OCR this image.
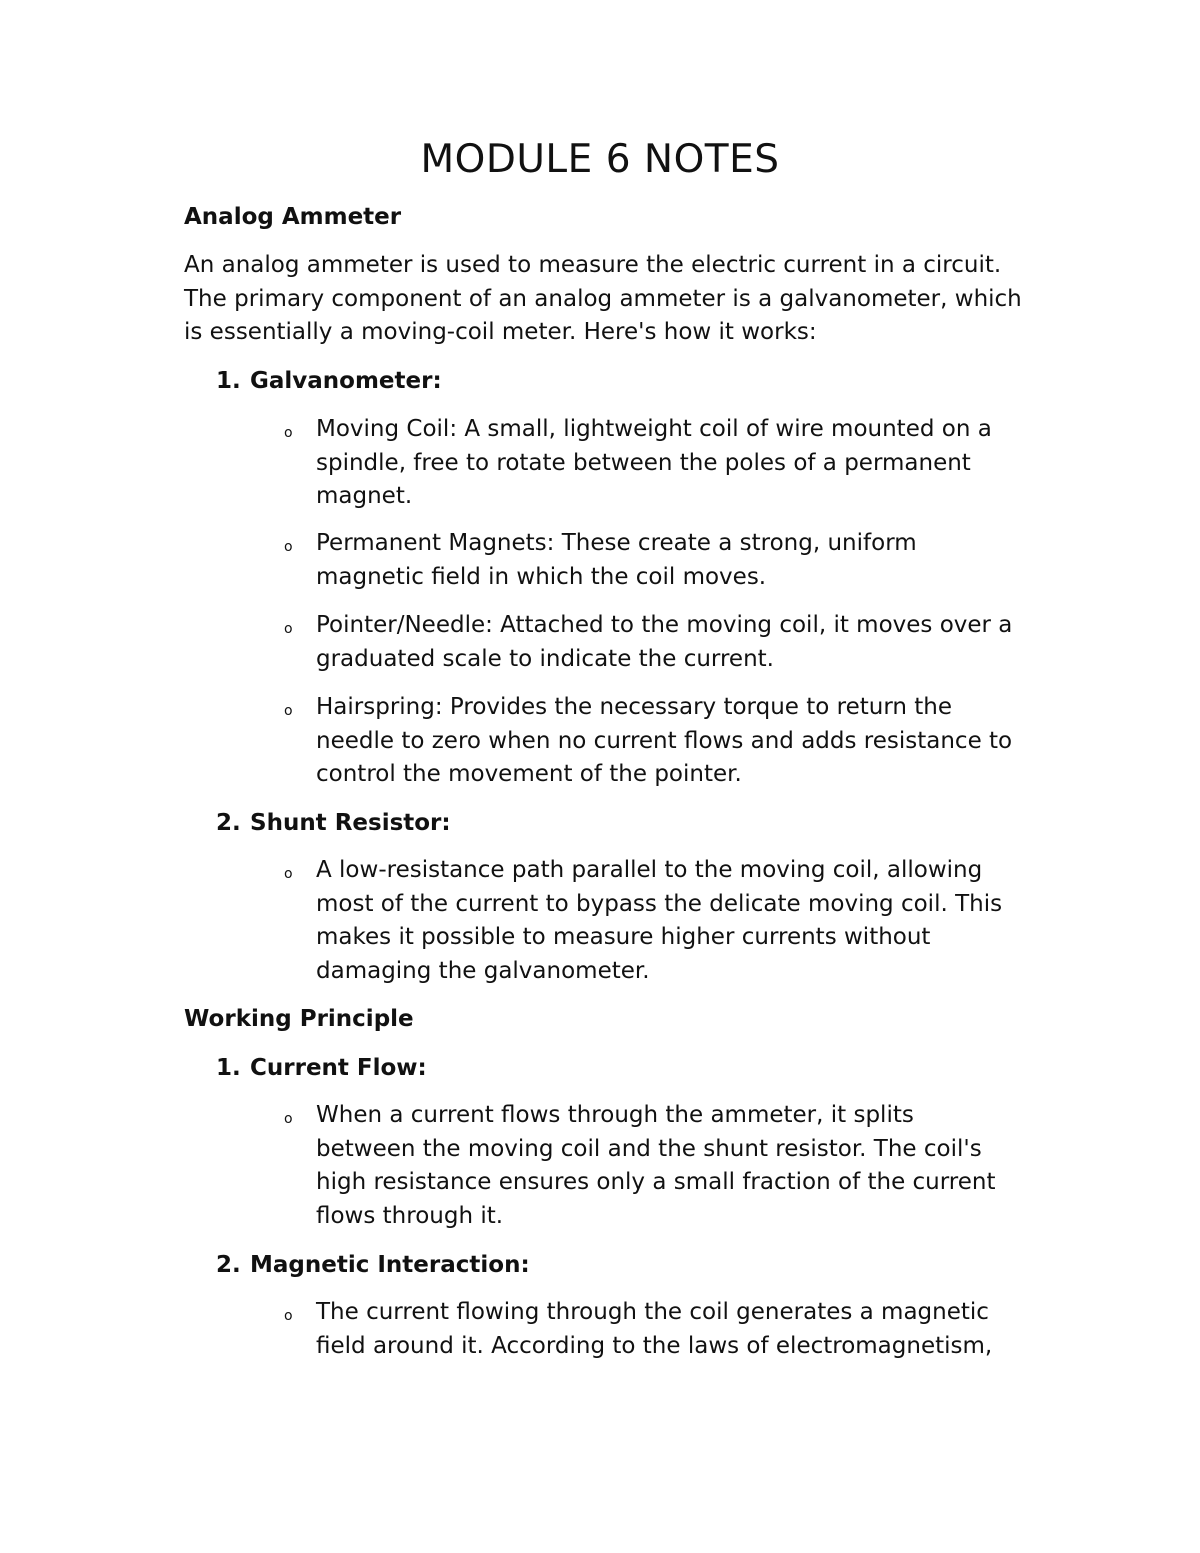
MODULE 6 NOTES
Analog Ammeter
An analog ammeter is used to measure the electric current in a circuit. The primary component of an analog ammeter is a galvanometer, which is essentially a moving-coil meter. Here's how it works:
1. Galvanometer:
o Moving Coil: A small, lightweight coil of wire mounted on a spindle, free to rotate between the poles of a permanent magnet.
o Permanent Magnets: These create a strong, uniform magnetic field in which the coil moves.
o Pointer/Needle: Attached to the moving coil, it moves over a graduated scale to indicate the current.
o Hairspring: Provides the necessary torque to return the needle to zero when no current flows and adds resistance to control the movement of the pointer.
2. Shunt Resistor:
o A low-resistance path parallel to the moving coil, allowing most of the current to bypass the delicate moving coil. This makes it possible to measure higher currents without damaging the galvanometer.
Working Principle
1. Current Flow:
o When a current flows through the ammeter, it splits between the moving coil and the shunt resistor. The coil's high resistance ensures only a small fraction of the current flows through it.
2. Magnetic Interaction:
o The current flowing through the coil generates a magnetic field around it. According to the laws of electromagnetism,
